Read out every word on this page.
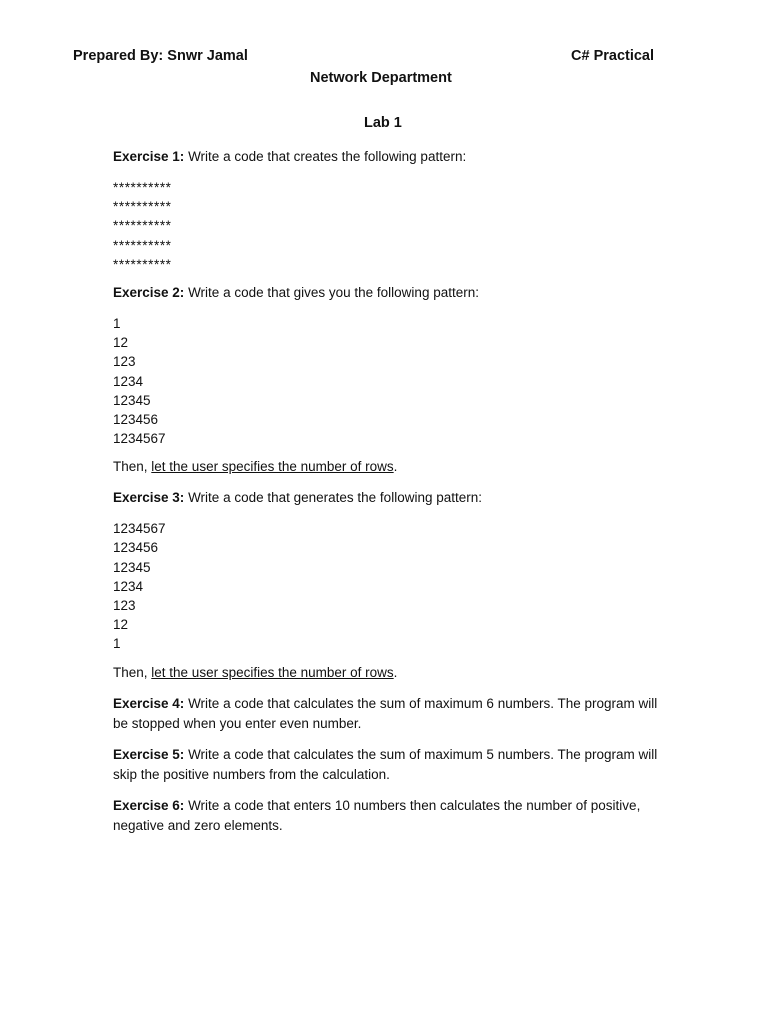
Prepared By: Snwr Jamal	C# Practical
Network Department
Lab 1

Exercise 1: Write a code that creates the following pattern:

**********
**********
**********
**********
**********

Exercise 2: Write a code that gives you the following pattern:

1
12
123
1234
12345
123456
1234567

Then, let the user specifies the number of rows.

Exercise 3: Write a code that generates the following pattern:

1234567
123456
12345
1234
123
12
1

Then, let the user specifies the number of rows.

Exercise 4: Write a code that calculates the sum of maximum 6 numbers. The program will be stopped when you enter even number.

Exercise 5: Write a code that calculates the sum of maximum 5 numbers. The program will skip the positive numbers from the calculation.

Exercise 6: Write a code that enters 10 numbers then calculates the number of positive, negative and zero elements.
